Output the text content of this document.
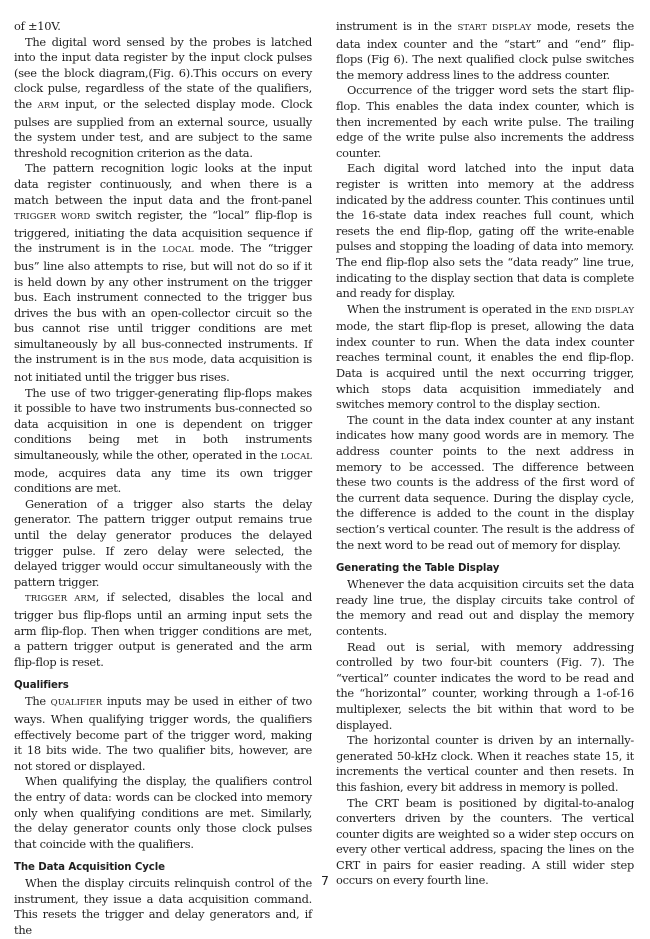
of ±10V.

The digital word sensed by the probes is latched into the input data register by the input clock pulses (see the block diagram,(Fig. 6).This occurs on every clock pulse, regardless of the state of the qualifiers, the ARM input, or the selected display mode. Clock pulses are supplied from an external source, usually the system under test, and are subject to the same threshold recognition criterion as the data.

The pattern recognition logic looks at the input data register continuously, and when there is a match between the input data and the front-panel TRIGGER WORD switch register, the “local” flip-flop is triggered, initiating the data acquisition sequence if the instrument is in the LOCAL mode. The “trigger bus” line also attempts to rise, but will not do so if it is held down by any other instrument on the trigger bus. Each instrument connected to the trigger bus drives the bus with an open-collector circuit so the bus cannot rise until trigger conditions are met simultaneously by all bus-connected instruments. If the instrument is in the BUS mode, data acquisition is not initiated until the trigger bus rises.

The use of two trigger-generating flip-flops makes it possible to have two instruments bus-connected so data acquisition in one is dependent on trigger conditions being met in both instruments simultaneously, while the other, operated in the LOCAL mode, acquires data any time its own trigger conditions are met.

Generation of a trigger also starts the delay generator. The pattern trigger output remains true until the delay generator produces the delayed trigger pulse. If zero delay were selected, the delayed trigger would occur simultaneously with the pattern trigger.

TRIGGER ARM, if selected, disables the local and trigger bus flip-flops until an arming input sets the arm flip-flop. Then when trigger conditions are met, a pattern trigger output is generated and the arm flip-flop is reset.

Qualifiers

The QUALIFIER inputs may be used in either of two ways. When qualifying trigger words, the qualifiers effectively become part of the trigger word, making it 18 bits wide. The two qualifier bits, however, are not stored or displayed.

When qualifying the display, the qualifiers control the entry of data: words can be clocked into memory only when qualifying conditions are met. Similarly, the delay generator counts only those clock pulses that coincide with the qualifiers.

The Data Acquisition Cycle

When the display circuits relinquish control of the instrument, they issue a data acquisition command. This resets the trigger and delay generators and, if the

instrument is in the START DISPLAY mode, resets the data index counter and the “start” and “end” flip-flops (Fig 6). The next qualified clock pulse switches the memory address lines to the address counter.

Occurrence of the trigger word sets the start flip-flop. This enables the data index counter, which is then incremented by each write pulse. The trailing edge of the write pulse also increments the address counter.

Each digital word latched into the input data register is written into memory at the address indicated by the address counter. This continues until the 16-state data index reaches full count, which resets the end flip-flop, gating off the write-enable pulses and stopping the loading of data into memory. The end flip-flop also sets the “data ready” line true, indicating to the display section that data is complete and ready for display.

When the instrument is operated in the END DISPLAY mode, the start flip-flop is preset, allowing the data index counter to run. When the data index counter reaches terminal count, it enables the end flip-flop. Data is acquired until the next occurring trigger, which stops data acquisition immediately and switches memory control to the display section.

The count in the data index counter at any instant indicates how many good words are in memory. The address counter points to the next address in memory to be accessed. The difference between these two counts is the address of the first word of the current data sequence. During the display cycle, the difference is added to the count in the display section’s vertical counter. The result is the address of the next word to be read out of memory for display.

Generating the Table Display

Whenever the data acquisition circuits set the data ready line true, the display circuits take control of the memory and read out and display the memory contents.

Read out is serial, with memory addressing controlled by two four-bit counters (Fig. 7). The “vertical” counter indicates the word to be read and the “horizontal” counter, working through a 1-of-16 multiplexer, selects the bit within that word to be displayed.

The horizontal counter is driven by an internally-generated 50-kHz clock. When it reaches state 15, it increments the vertical counter and then resets. In this fashion, every bit address in memory is polled.

The CRT beam is positioned by digital-to-analog converters driven by the counters. The vertical counter digits are weighted so a wider step occurs on every other vertical address, spacing the lines on the CRT in pairs for easier reading. A still wider step occurs on every fourth line.

7
